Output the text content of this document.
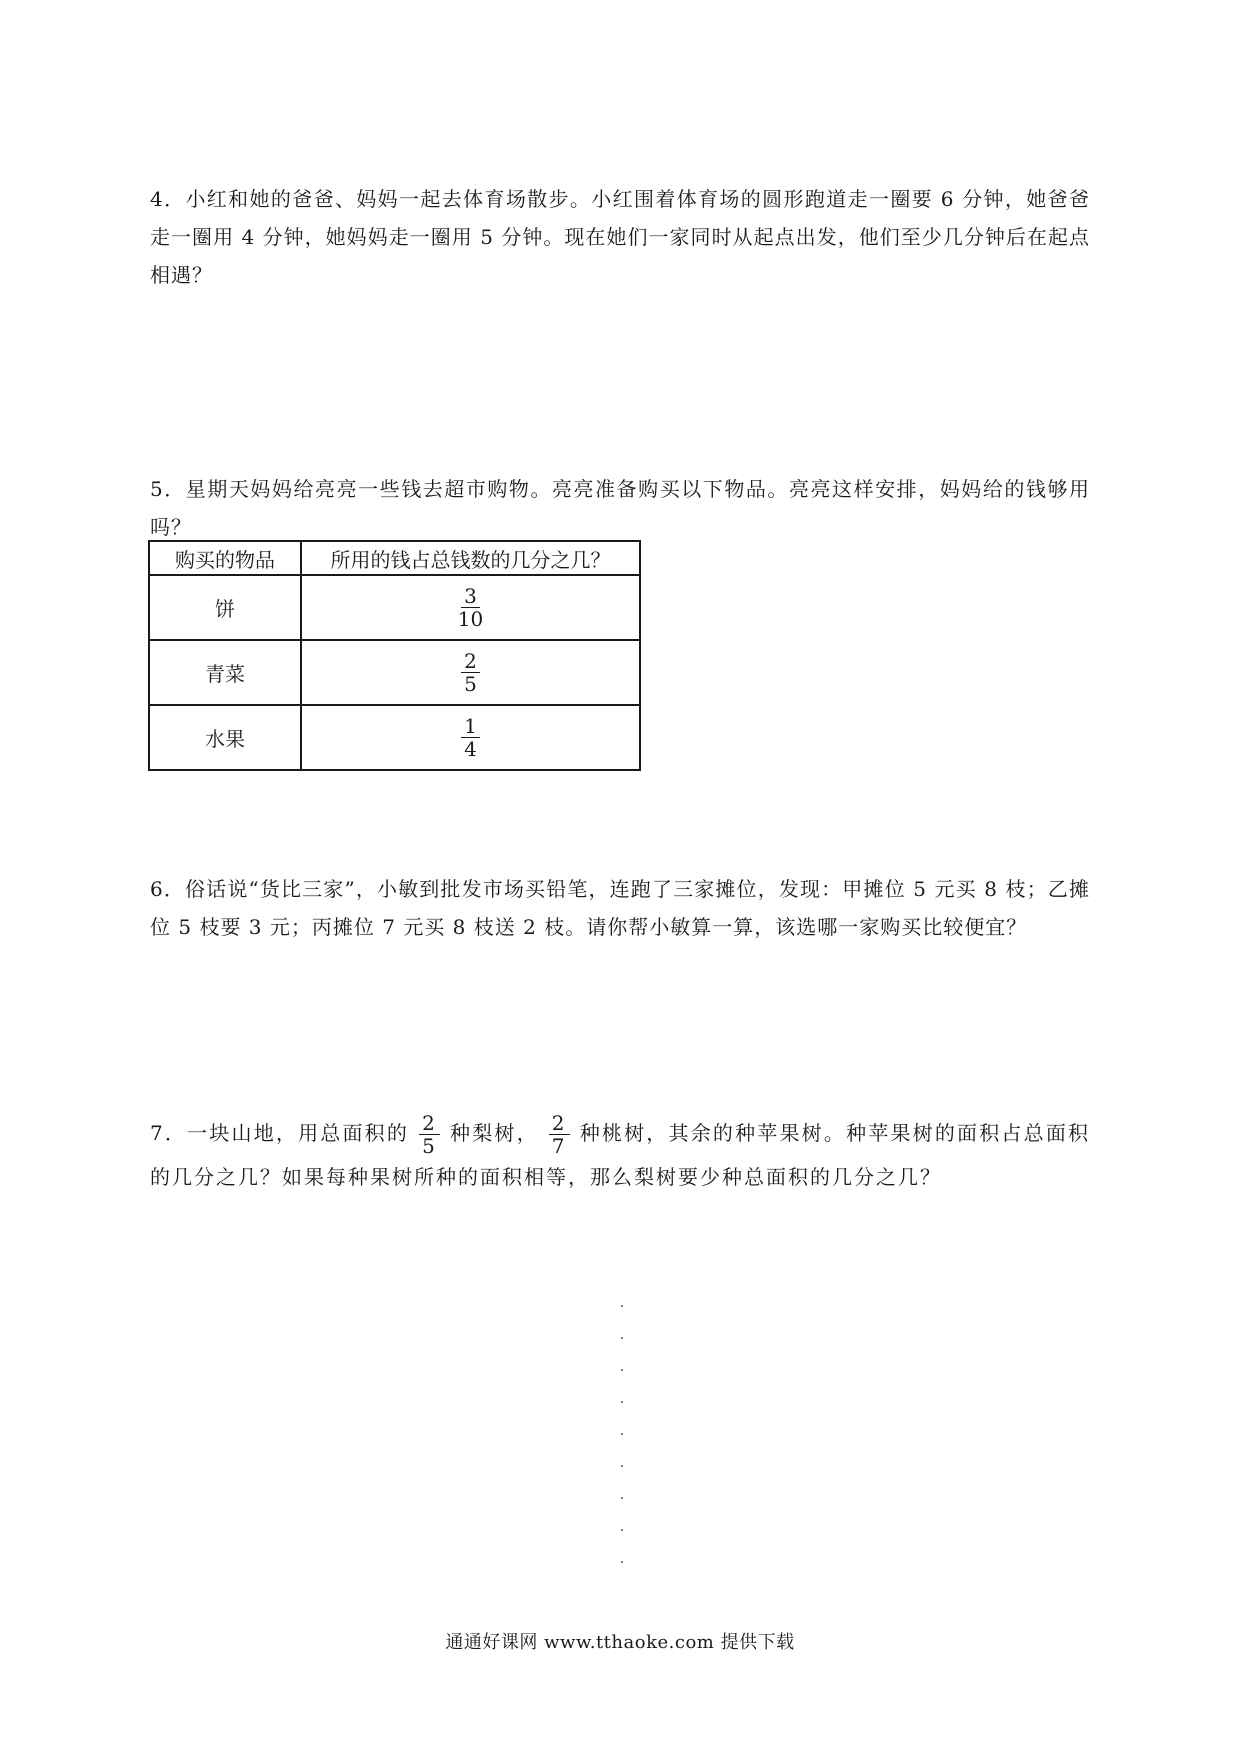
4．小红和她的爸爸、妈妈一起去体育场散步。小红围着体育场的圆形跑道走一圈要 6 分钟，她爸爸走一圈用 4 分钟，她妈妈走一圈用 5 分钟。现在她们一家同时从起点出发，他们至少几分钟后在起点相遇？
5．星期天妈妈给亮亮一些钱去超市购物。亮亮准备购买以下物品。亮亮这样安排，妈妈给的钱够用吗？
购买的物品	所用的钱占总钱数的几分之几？
饼	$\frac{3}{10}$

青菜	$\frac{2}{5}$

水果	$\frac{1}{4}$
6．俗话说“货比三家”，小敏到批发市场买铅笔，连跑了三家摊位，发现：甲摊位 5 元买 8 枝；乙摊位 5 枝要 3 元；丙摊位 7 元买 8 枝送 2 枝。请你帮小敏算一算，该选哪一家购买比较便宜？
7．一块山地，用总面积的 $\frac{2}{5}$ 种梨树， $\frac{2}{7}$ 种桃树，其余的种苹果树。种苹果树的面积占总面积的几分之几？如果每种果树所种的面积相等，那么梨树要少种总面积的几分之几？
通通好课网 www.tthaoke.com 提供下载
